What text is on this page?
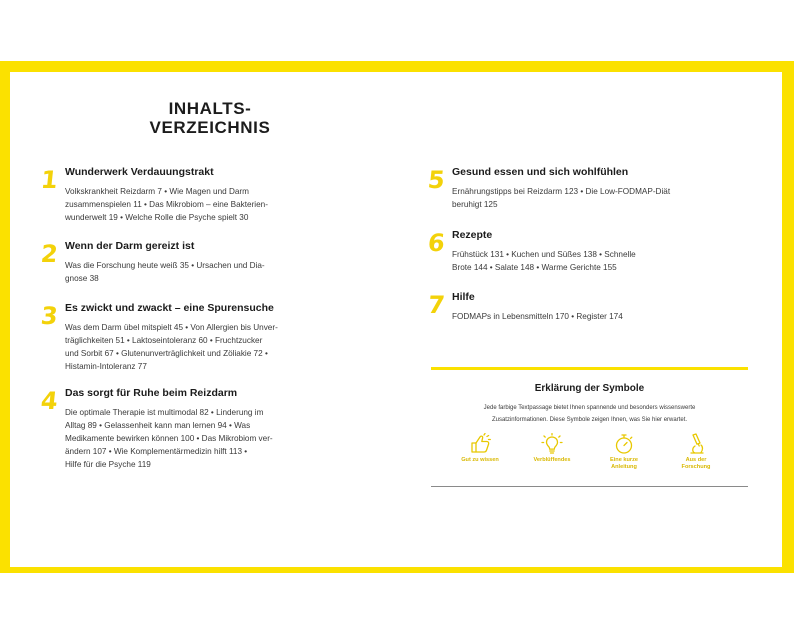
INHALTS-
VERZEICHNIS
1 Wunderwerk Verdauungstrakt
Volkskrankheit Reizdarm 7 • Wie Magen und Darm
zusammenspielen 11 • Das Mikrobiom – eine Bakterien-
wunderwelt 19 • Welche Rolle die Psyche spielt 30
2 Wenn der Darm gereizt ist
Was die Forschung heute weiß 35 • Ursachen und Dia-
gnose 38
3 Es zwickt und zwackt – eine Spurensuche
Was dem Darm übel mitspielt 45 • Von Allergien bis Unver-
träglichkeiten 51 • Laktoseintoleranz 60 • Fruchtzucker
und Sorbit 67 • Glutenunverträglichkeit und Zöliakie 72 •
Histamin-Intoleranz 77
4 Das sorgt für Ruhe beim Reizdarm
Die optimale Therapie ist multimodal 82 • Linderung im
Alltag 89 • Gelassenheit kann man lernen 94 • Was
Medikamente bewirken können 100 • Das Mikrobiom ver-
ändern 107 • Wie Komplementärmedizin hilft 113 •
Hilfe für die Psyche 119
5 Gesund essen und sich wohlfühlen
Ernährungstipps bei Reizdarm 123 • Die Low-FODMAP-Diät
beruhigt 125
6 Rezepte
Frühstück 131 • Kuchen und Süßes 138 • Schnelle
Brote 144 • Salate 148 • Warme Gerichte 155
7 Hilfe
FODMAPs in Lebensmitteln 170 • Register 174
Erklärung der Symbole
Jede farbige Textpassage bietet Ihnen spannende und besonders wissenswerte
Zusatzinformationen. Diese Symbole zeigen Ihnen, was Sie hier erwartet.
Gut zu wissen	Verblüffendes	Eine kurze
Anleitung
Aus der
Forschung
